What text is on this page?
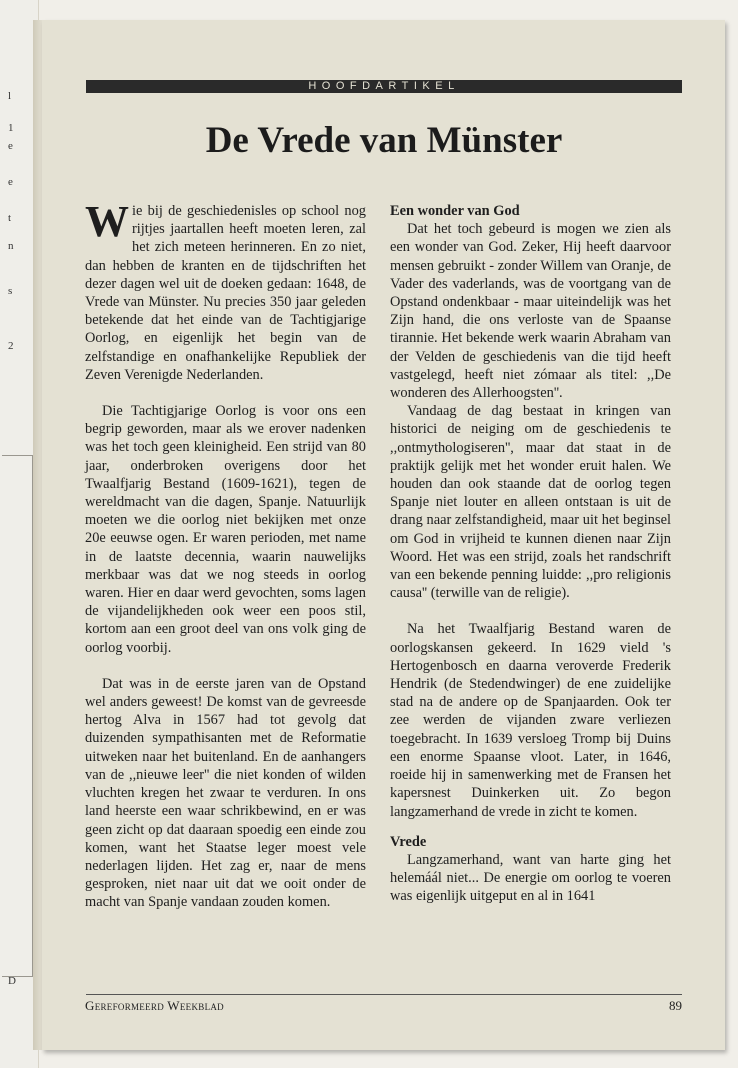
l
1
e
e
t
n
s
2
D
HOOFDARTIKEL
De Vrede van Münster

Wie bij de geschiedenisles op school nog rijtjes jaartallen heeft moeten leren, zal het zich meteen herinneren. En zo niet, dan hebben de kranten en de tijdschriften het dezer dagen wel uit de doeken gedaan: 1648, de Vrede van Münster. Nu precies 350 jaar geleden betekende dat het einde van de Tachtigjarige Oorlog, en eigenlijk het begin van de zelfstandige en onafhankelijke Republiek der Zeven Verenigde Nederlanden.

Die Tachtigjarige Oorlog is voor ons een begrip geworden, maar als we erover nadenken was het toch geen kleinigheid. Een strijd van 80 jaar, onderbroken overigens door het Twaalfjarig Bestand (1609-1621), tegen de wereldmacht van die dagen, Spanje. Natuurlijk moeten we die oorlog niet bekijken met onze 20e eeuwse ogen. Er waren perioden, met name in de laatste decennia, waarin nauwelijks merkbaar was dat we nog steeds in oorlog waren. Hier en daar werd gevochten, soms lagen de vijandelijkheden ook weer een poos stil, kortom aan een groot deel van ons volk ging de oorlog voorbij.

Dat was in de eerste jaren van de Opstand wel anders geweest! De komst van de gevreesde hertog Alva in 1567 had tot gevolg dat duizenden sympathisanten met de Reformatie uitweken naar het buitenland. En de aanhangers van de ,,nieuwe leer'' die niet konden of wilden vluchten kregen het zwaar te verduren. In ons land heerste een waar schrikbewind, en er was geen zicht op dat daaraan spoedig een einde zou komen, want het Staatse leger moest vele nederlagen lijden. Het zag er, naar de mens gesproken, niet naar uit dat we ooit onder de macht van Spanje vandaan zouden komen.

Een wonder van God

Dat het toch gebeurd is mogen we zien als een wonder van God. Zeker, Hij heeft daarvoor mensen gebruikt - zonder Willem van Oranje, de Vader des vaderlands, was de voortgang van de Opstand ondenkbaar - maar uiteindelijk was het Zijn hand, die ons verloste van de Spaanse tirannie. Het bekende werk waarin Abraham van der Velden de geschiedenis van die tijd heeft vastgelegd, heeft niet zómaar als titel: ,,De wonderen des Allerhoogsten''.

Vandaag de dag bestaat in kringen van historici de neiging om de geschiedenis te ,,ontmythologiseren'', maar dat staat in de praktijk gelijk met het wonder eruit halen. We houden dan ook staande dat de oorlog tegen Spanje niet louter en alleen ontstaan is uit de drang naar zelfstandigheid, maar uit het beginsel om God in vrijheid te kunnen dienen naar Zijn Woord. Het was een strijd, zoals het randschrift van een bekende penning luidde: ,,pro religionis causa'' (terwille van de religie).

Na het Twaalfjarig Bestand waren de oorlogskansen gekeerd. In 1629 vield 's Hertogenbosch en daarna veroverde Frederik Hendrik (de Stedendwinger) de ene zuidelijke stad na de andere op de Spanjaarden. Ook ter zee werden de vijanden zware verliezen toegebracht. In 1639 versloeg Tromp bij Duins een enorme Spaanse vloot. Later, in 1646, roeide hij in samenwerking met de Fransen het kapersnest Duinkerken uit. Zo begon langzamerhand de vrede in zicht te komen.

Vrede

Langzamerhand, want van harte ging het helemáál niet... De energie om oorlog te voeren was eigenlijk uitgeput en al in 1641

Gereformeerd Weekblad	89
